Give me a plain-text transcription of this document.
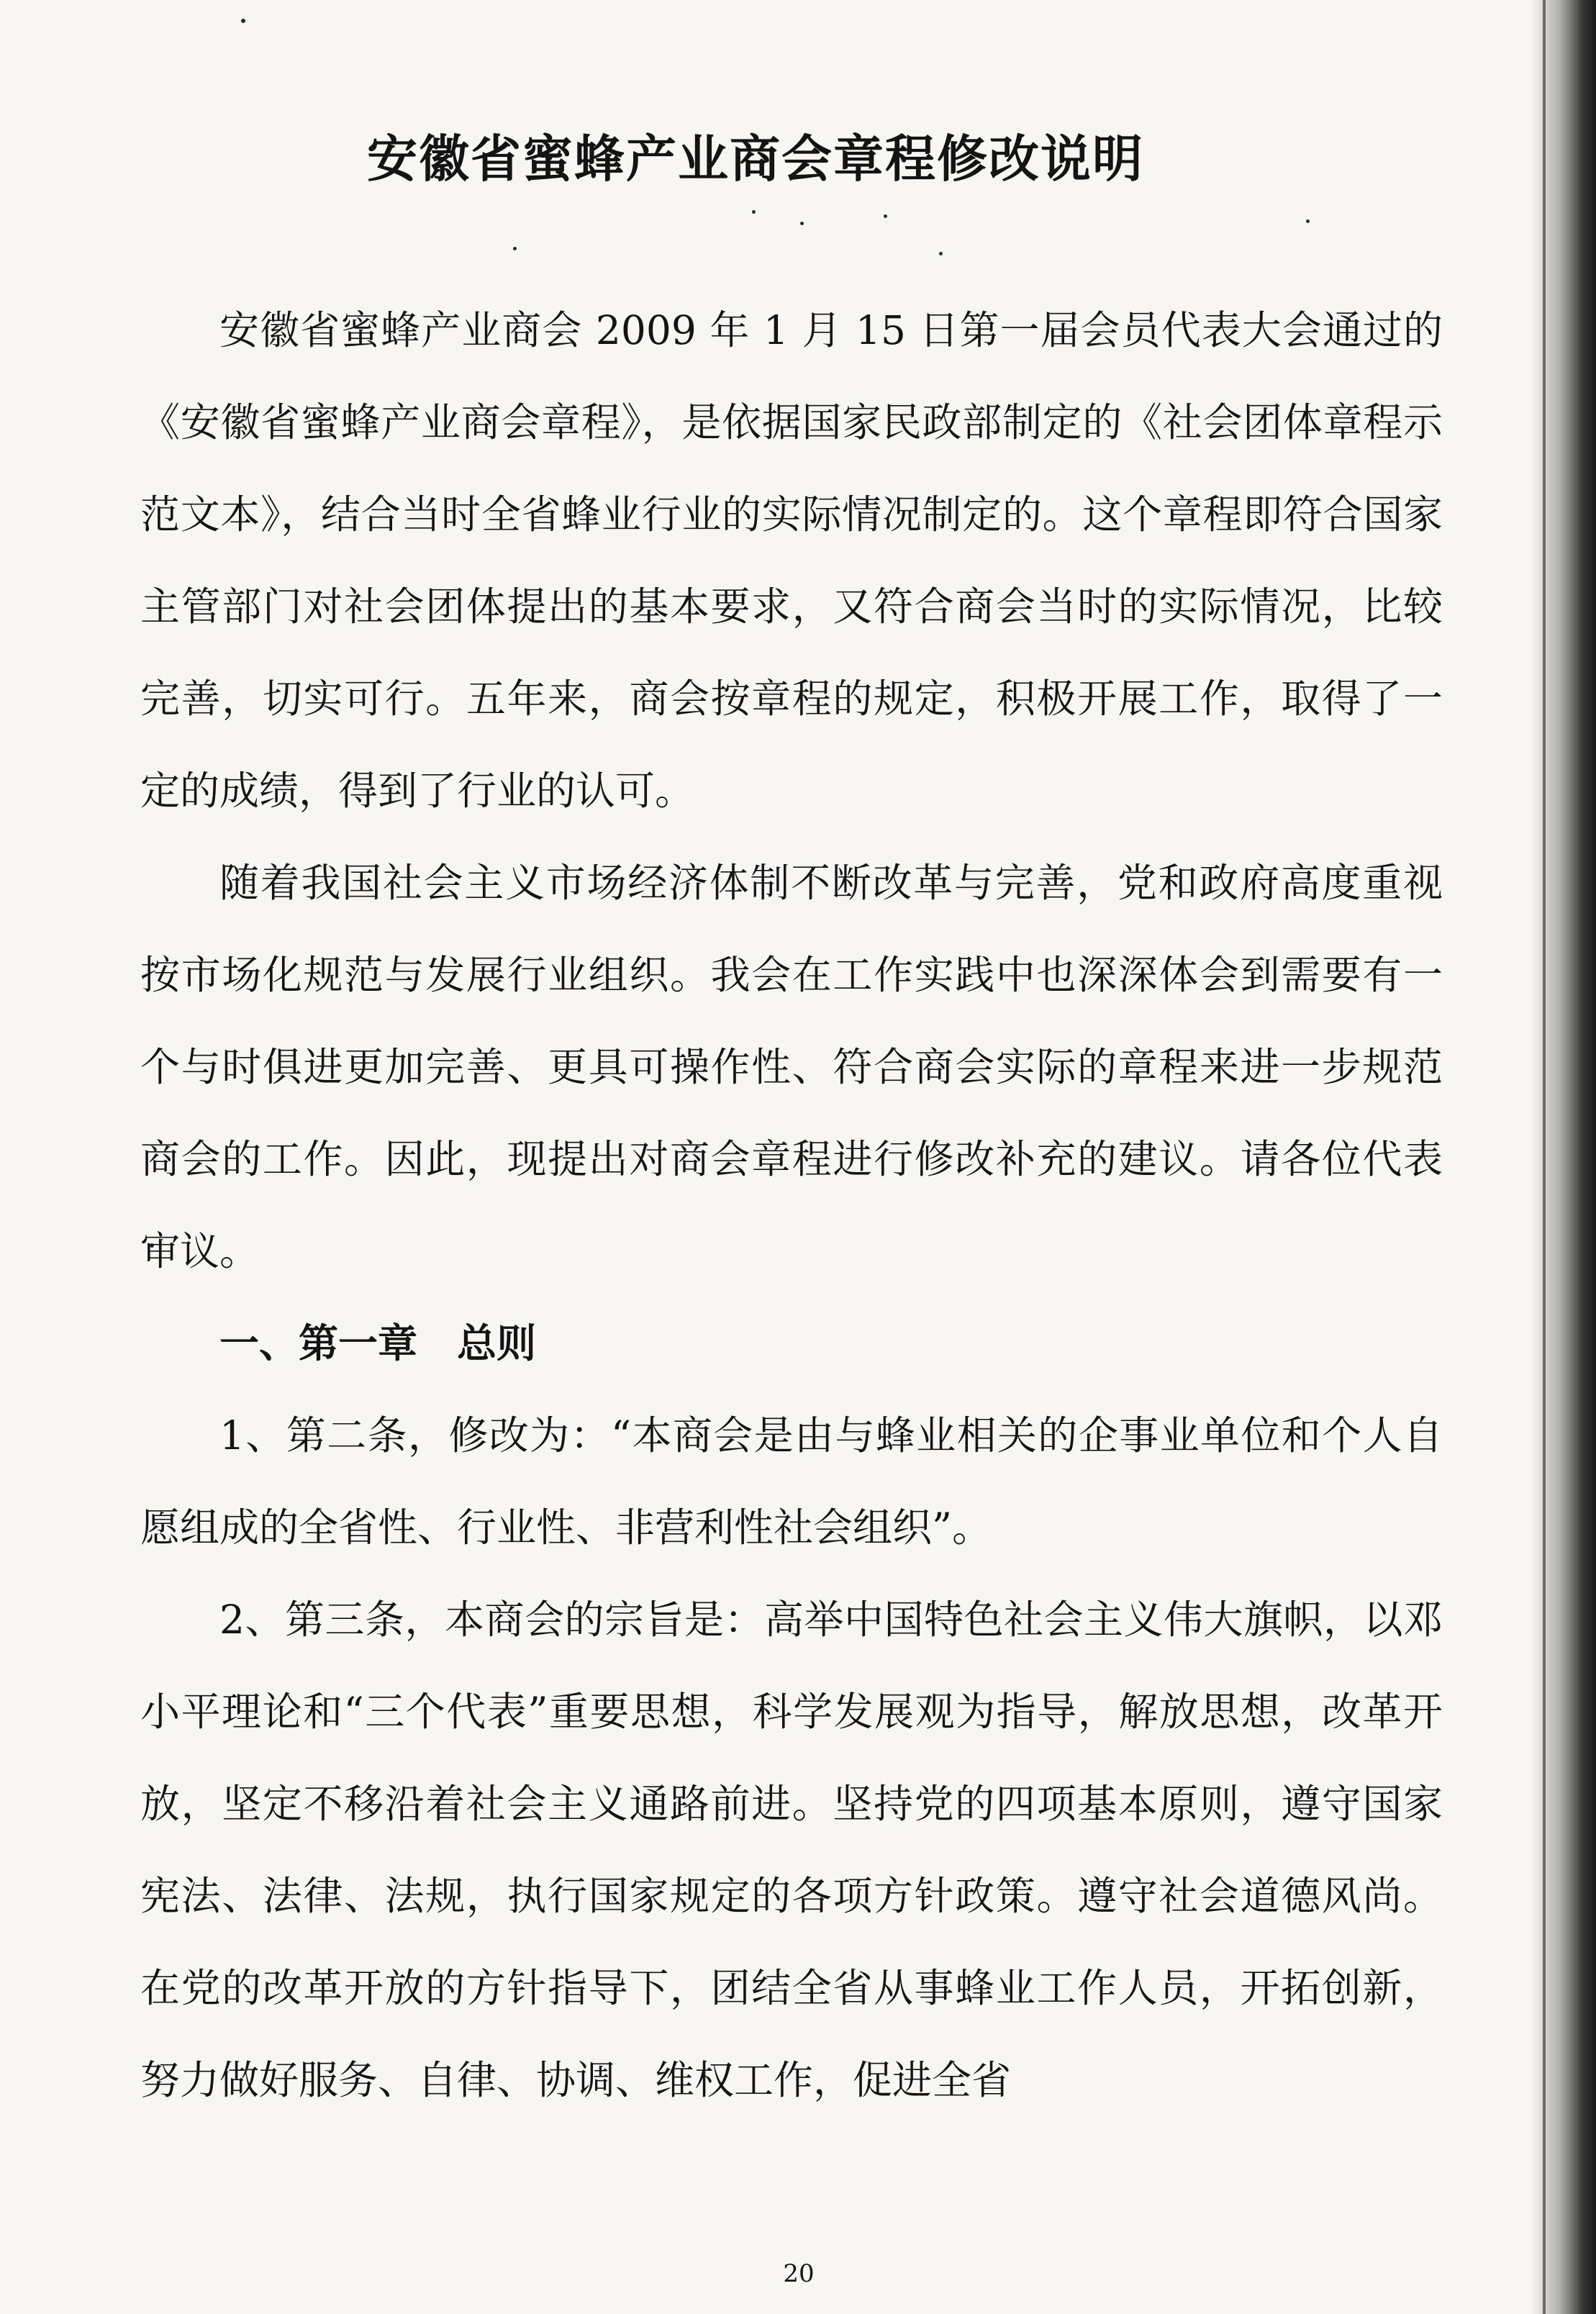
安徽省蜜蜂产业商会章程修改说明

安徽省蜜蜂产业商会 2009 年 1 月 15 日第一届会员代表大会通过的《安徽省蜜蜂产业商会章程》，是依据国家民政部制定的《社会团体章程示范文本》，结合当时全省蜂业行业的实际情况制定的。这个章程即符合国家主管部门对社会团体提出的基本要求，又符合商会当时的实际情况，比较完善，切实可行。五年来，商会按章程的规定，积极开展工作，取得了一定的成绩，得到了行业的认可。

随着我国社会主义市场经济体制不断改革与完善，党和政府高度重视按市场化规范与发展行业组织。我会在工作实践中也深深体会到需要有一个与时俱进更加完善、更具可操作性、符合商会实际的章程来进一步规范商会的工作。因此，现提出对商会章程进行修改补充的建议。请各位代表审议。

一、第一章　总则

1、第二条，修改为：“本商会是由与蜂业相关的企事业单位和个人自愿组成的全省性、行业性、非营利性社会组织”。

2、第三条，本商会的宗旨是：高举中国特色社会主义伟大旗帜，以邓小平理论和“三个代表”重要思想，科学发展观为指导，解放思想，改革开放，坚定不移沿着社会主义通路前进。坚持党的四项基本原则，遵守国家宪法、法律、法规，执行国家规定的各项方针政策。遵守社会道德风尚。在党的改革开放的方针指导下，团结全省从事蜂业工作人员，开拓创新，努力做好服务、自律、协调、维权工作，促进全省

20
